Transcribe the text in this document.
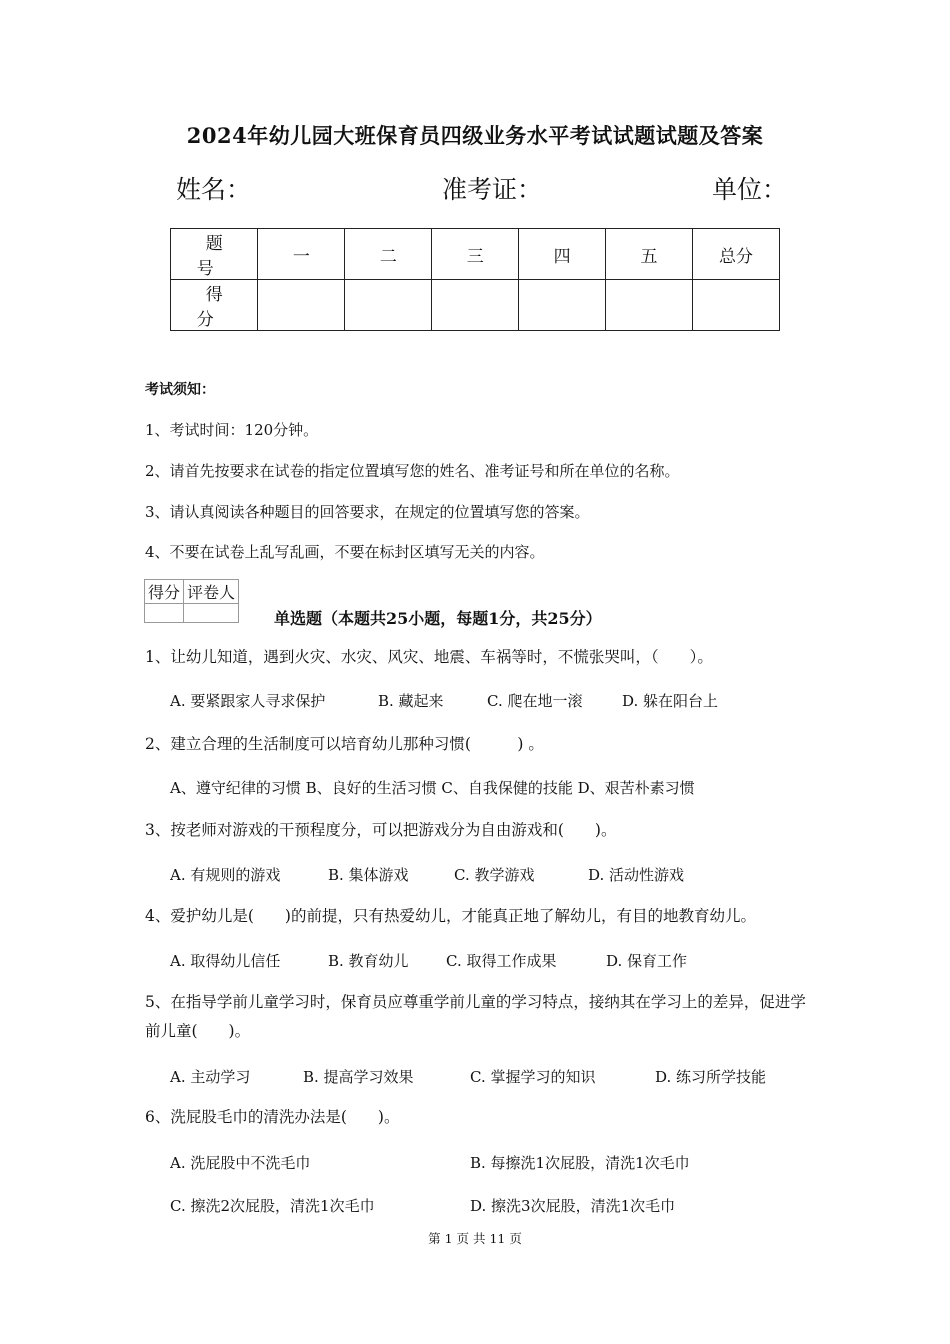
2024年幼儿园大班保育员四级业务水平考试试题试题及答案
姓名：	准考证：	单位：
题 号	一	二	三	四	五	总分
得 分						
考试须知：
1、考试时间：120分钟。
2、请首先按要求在试卷的指定位置填写您的姓名、准考证号和所在单位的名称。
3、请认真阅读各种题目的回答要求，在规定的位置填写您的答案。
4、不要在试卷上乱写乱画，不要在标封区填写无关的内容。
得分	评卷人

单选题（本题共25小题，每题1分，共25分）
1、让幼儿知道，遇到火灾、水灾、风灾、地震、车祸等时，不慌张哭叫，（　　）。
A. 要紧跟家人寻求保护	B. 藏起来	C. 爬在地一滚	D. 躲在阳台上
2、建立合理的生活制度可以培育幼儿那种习惯(　　　) 。
A、遵守纪律的习惯 B、良好的生活习惯 C、自我保健的技能 D、艰苦朴素习惯
3、按老师对游戏的干预程度分，可以把游戏分为自由游戏和(　　)。
A. 有规则的游戏	B. 集体游戏	C. 教学游戏	D. 活动性游戏
4、爱护幼儿是(　　)的前提，只有热爱幼儿，才能真正地了解幼儿，有目的地教育幼儿。
A. 取得幼儿信任	B. 教育幼儿 C. 取得工作成果	D. 保育工作
5、在指导学前儿童学习时，保育员应尊重学前儿童的学习特点，接纳其在学习上的差异，促进学前儿童(　　)。
A. 主动学习	B. 提高学习效果	C. 掌握学习的知识	D. 练习所学技能
6、洗屁股毛巾的清洗办法是(　　)。
A. 洗屁股中不洗毛巾	B. 每擦洗1次屁股，清洗1次毛巾
C. 擦洗2次屁股，清洗1次毛巾	D. 擦洗3次屁股，清洗1次毛巾
第 1 页 共 11 页
